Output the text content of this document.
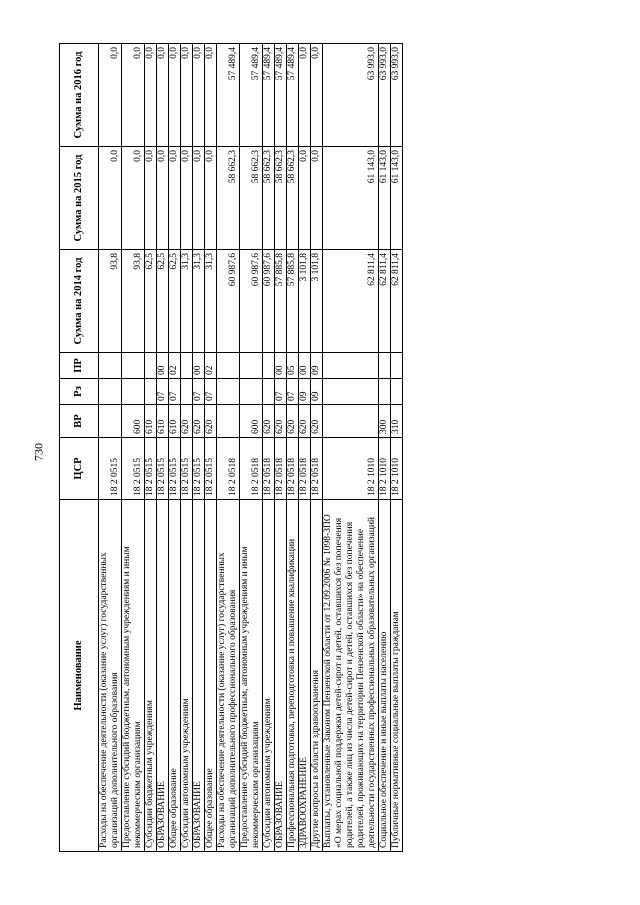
730
Наименование	ЦСР	ВР	Рз	ПР	Сумма на 2014 год	Сумма на 2015 год	Сумма на 2016 год
Расходы на обеспечение деятельности (оказание услуг) государственных организаций дополнительного образования	18 2 0515				93,8	0,0	0,0
Предоставление субсидий бюджетным, автономным учреждениям и иным некоммерческим организациям	18 2 0515	600			93,8	0,0	0,0
Субсидии бюджетным учреждениям	18 2 0515	610			62,5	0,0	0,0
ОБРАЗОВАНИЕ	18 2 0515	610	07	00	62,5	0,0	0,0
Общее образование	18 2 0515	610	07	02	62,5	0,0	0,0
Субсидии автономным учреждениям	18 2 0515	620			31,3	0,0	0,0
ОБРАЗОВАНИЕ	18 2 0515	620	07	00	31,3	0,0	0,0
Общее образование	18 2 0515	620	07	02	31,3	0,0	0,0
Расходы на обеспечение деятельности (оказание услуг) государственных организаций дополнительного профессионального образования	18 2 0518				60 987,6	58 662,3	57 489,4
Предоставление субсидий бюджетным, автономным учреждениям и иным некоммерческим организациям	18 2 0518	600			60 987,6	58 662,3	57 489,4
Субсидии автономным учреждениям	18 2 0518	620			60 987,6	58 662,3	57 489,4
ОБРАЗОВАНИЕ	18 2 0518	620	07	00	57 885,8	58 662,3	57 489,4
Профессиональная подготовка, переподготовка и повышение квалификации	18 2 0518	620	07	05	57 885,8	58 662,3	57 489,4
ЗДРАВООХРАНЕНИЕ	18 2 0518	620	09	00	3 101,8	0,0	0,0
Другие вопросы в области здравоохранения	18 2 0518	620	09	09	3 101,8	0,0	0,0
Выплаты, установленные Законом Пензенской области от 12.09.2006 № 1098-ЗПО «О мерах социальной поддержки детей-сирот и детей, оставшихся без попечения родителей, а также лиц из числа детей-сирот и детей, оставшихся без попечения родителей, проживающих на территории Пензенской области» на обеспечение деятельности государственных профессиональных образовательных организаций	18 2 1010				62 811,4	61 143,0	63 993,0
Социальное обеспечение и иные выплаты населению	18 2 1010	300			62 811,4	61 143,0	63 993,0
Публичные нормативные социальные выплаты гражданам	18 2 1010	310			62 811,4	61 143,0	63 993,0
